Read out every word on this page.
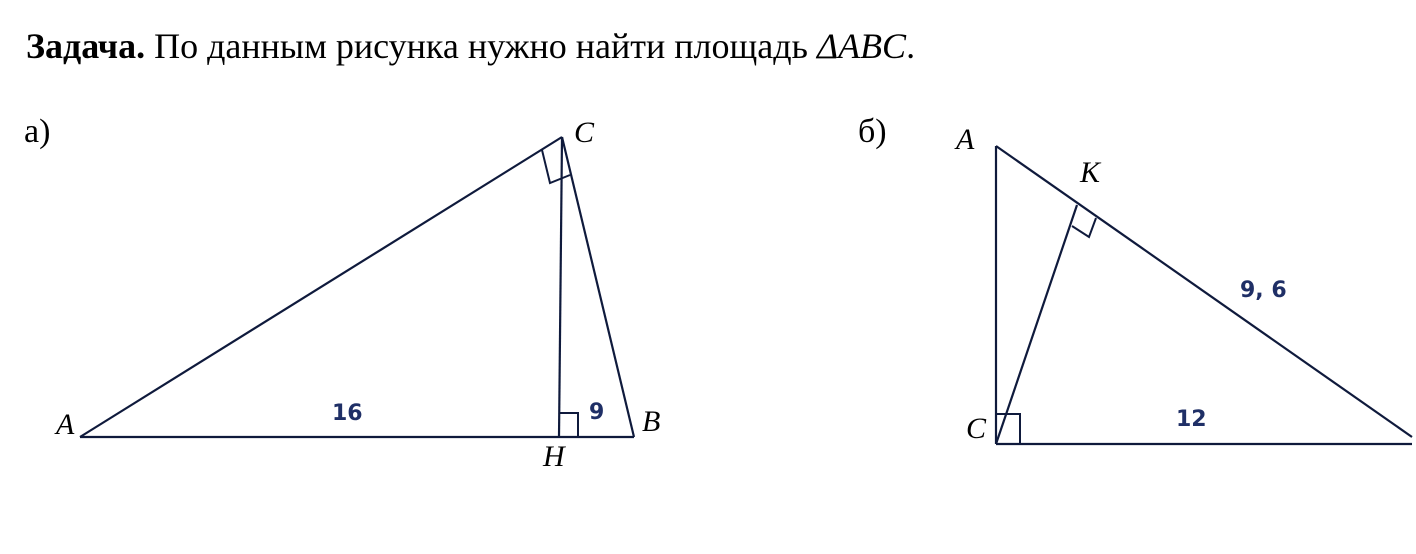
Задача. По данным рисунка нужно найти площадь ΔABC.
а)
A	B
C
H
16	9
б) A
K
C
9, 6
12
